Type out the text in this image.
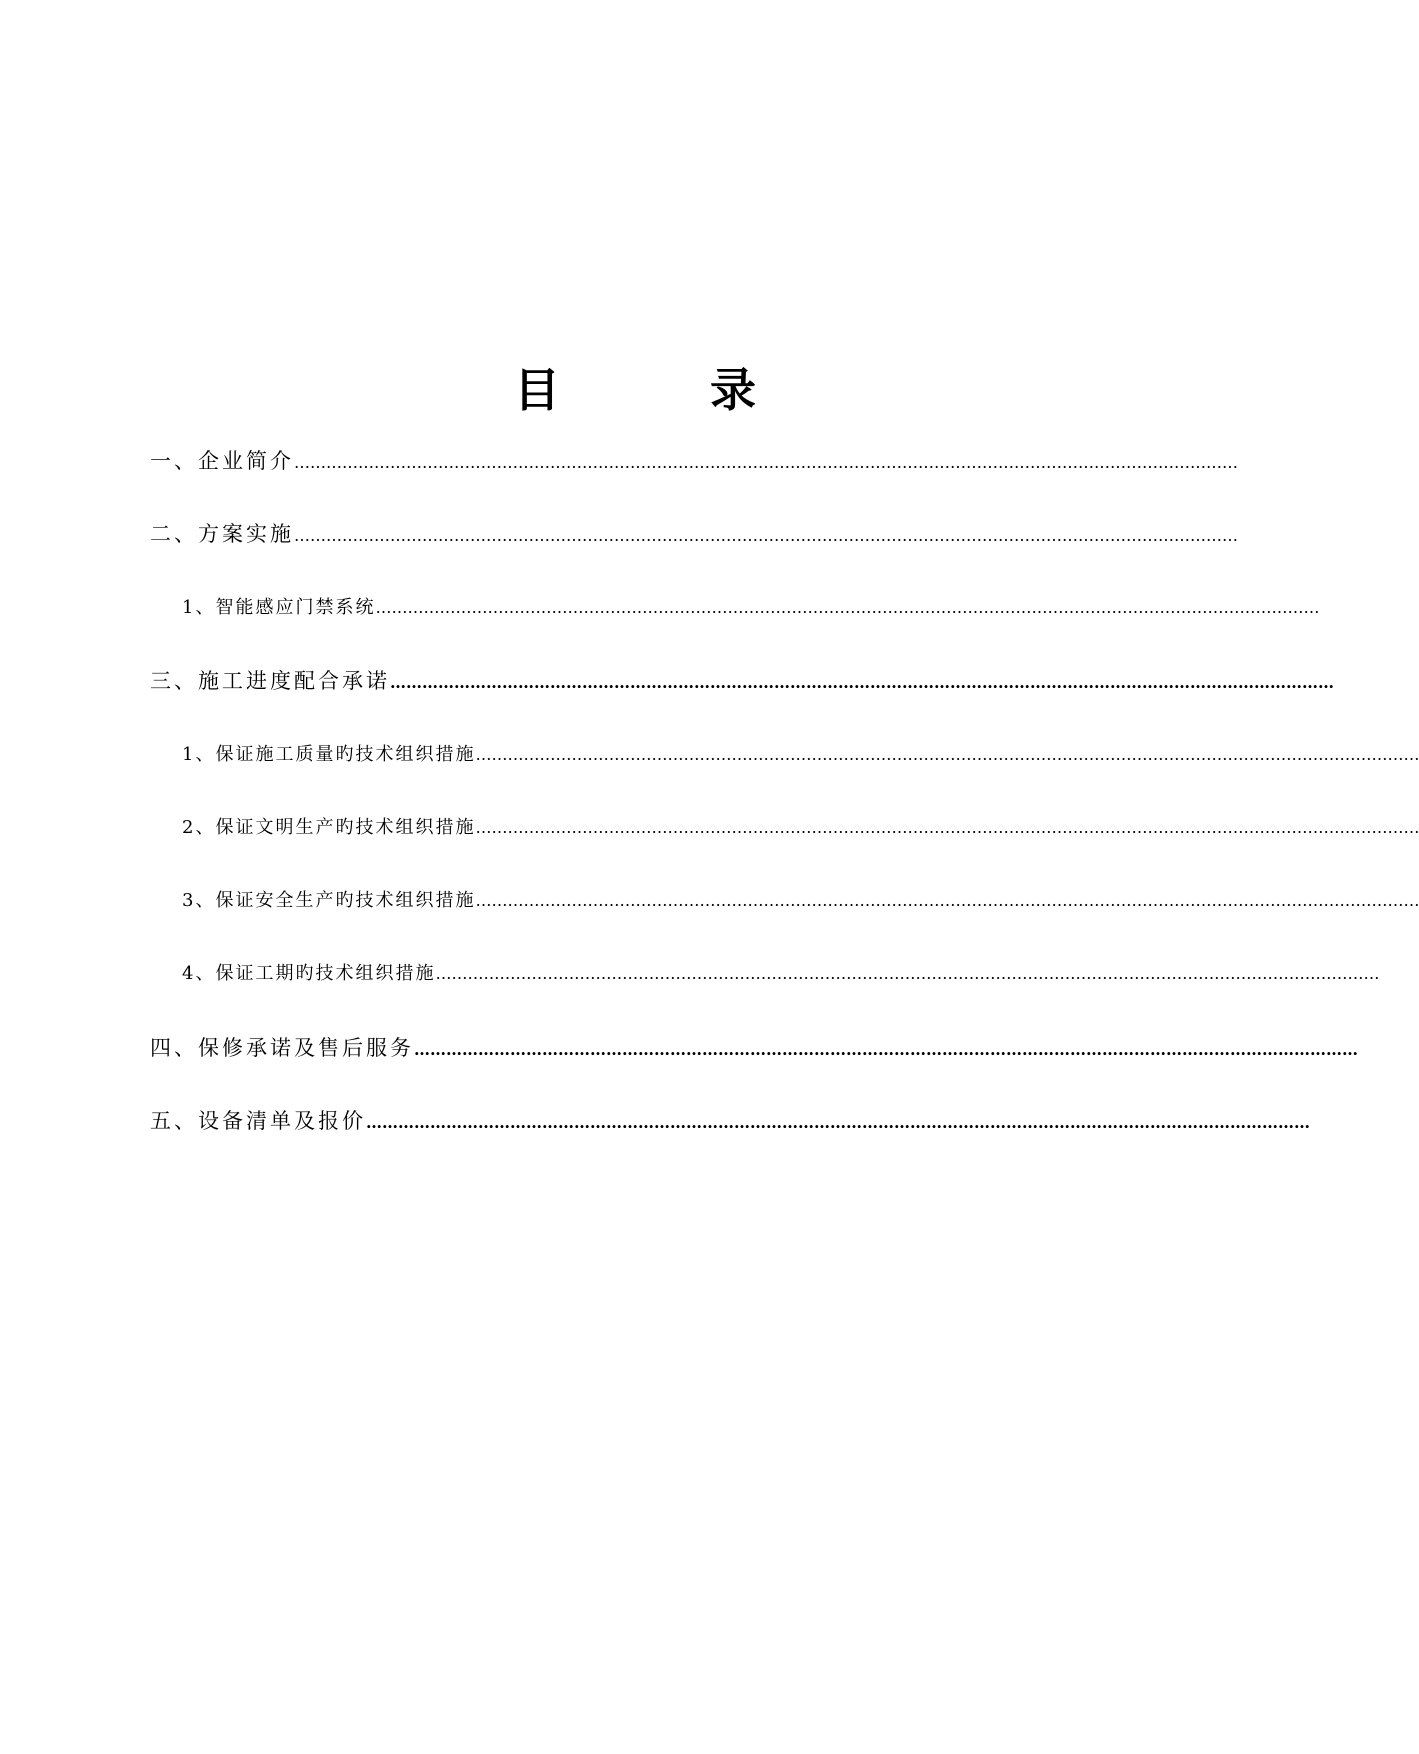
目	录
一、企业简介 ……………………………………………………………………………………………………………………………………………………………
二、方案实施 ……………………………………………………………………………………………………………………………………………………………
1、智能感应门禁系统 ……………………………………………………………………………………………………………………………………………………………
三、施工进度配合承诺 ……………………………………………………………………………………………………………………………………………………………
1、保证施工质量旳技术组织措施 ……………………………………………………………………………………………………………………………………………………………
2、保证文明生产旳技术组织措施 ……………………………………………………………………………………………………………………………………………………………
3、保证安全生产旳技术组织措施 ……………………………………………………………………………………………………………………………………………………………
4、保证工期旳技术组织措施 ……………………………………………………………………………………………………………………………………………………………
四、保修承诺及售后服务 ……………………………………………………………………………………………………………………………………………………………
五、设备清单及报价 ……………………………………………………………………………………………………………………………………………………………
